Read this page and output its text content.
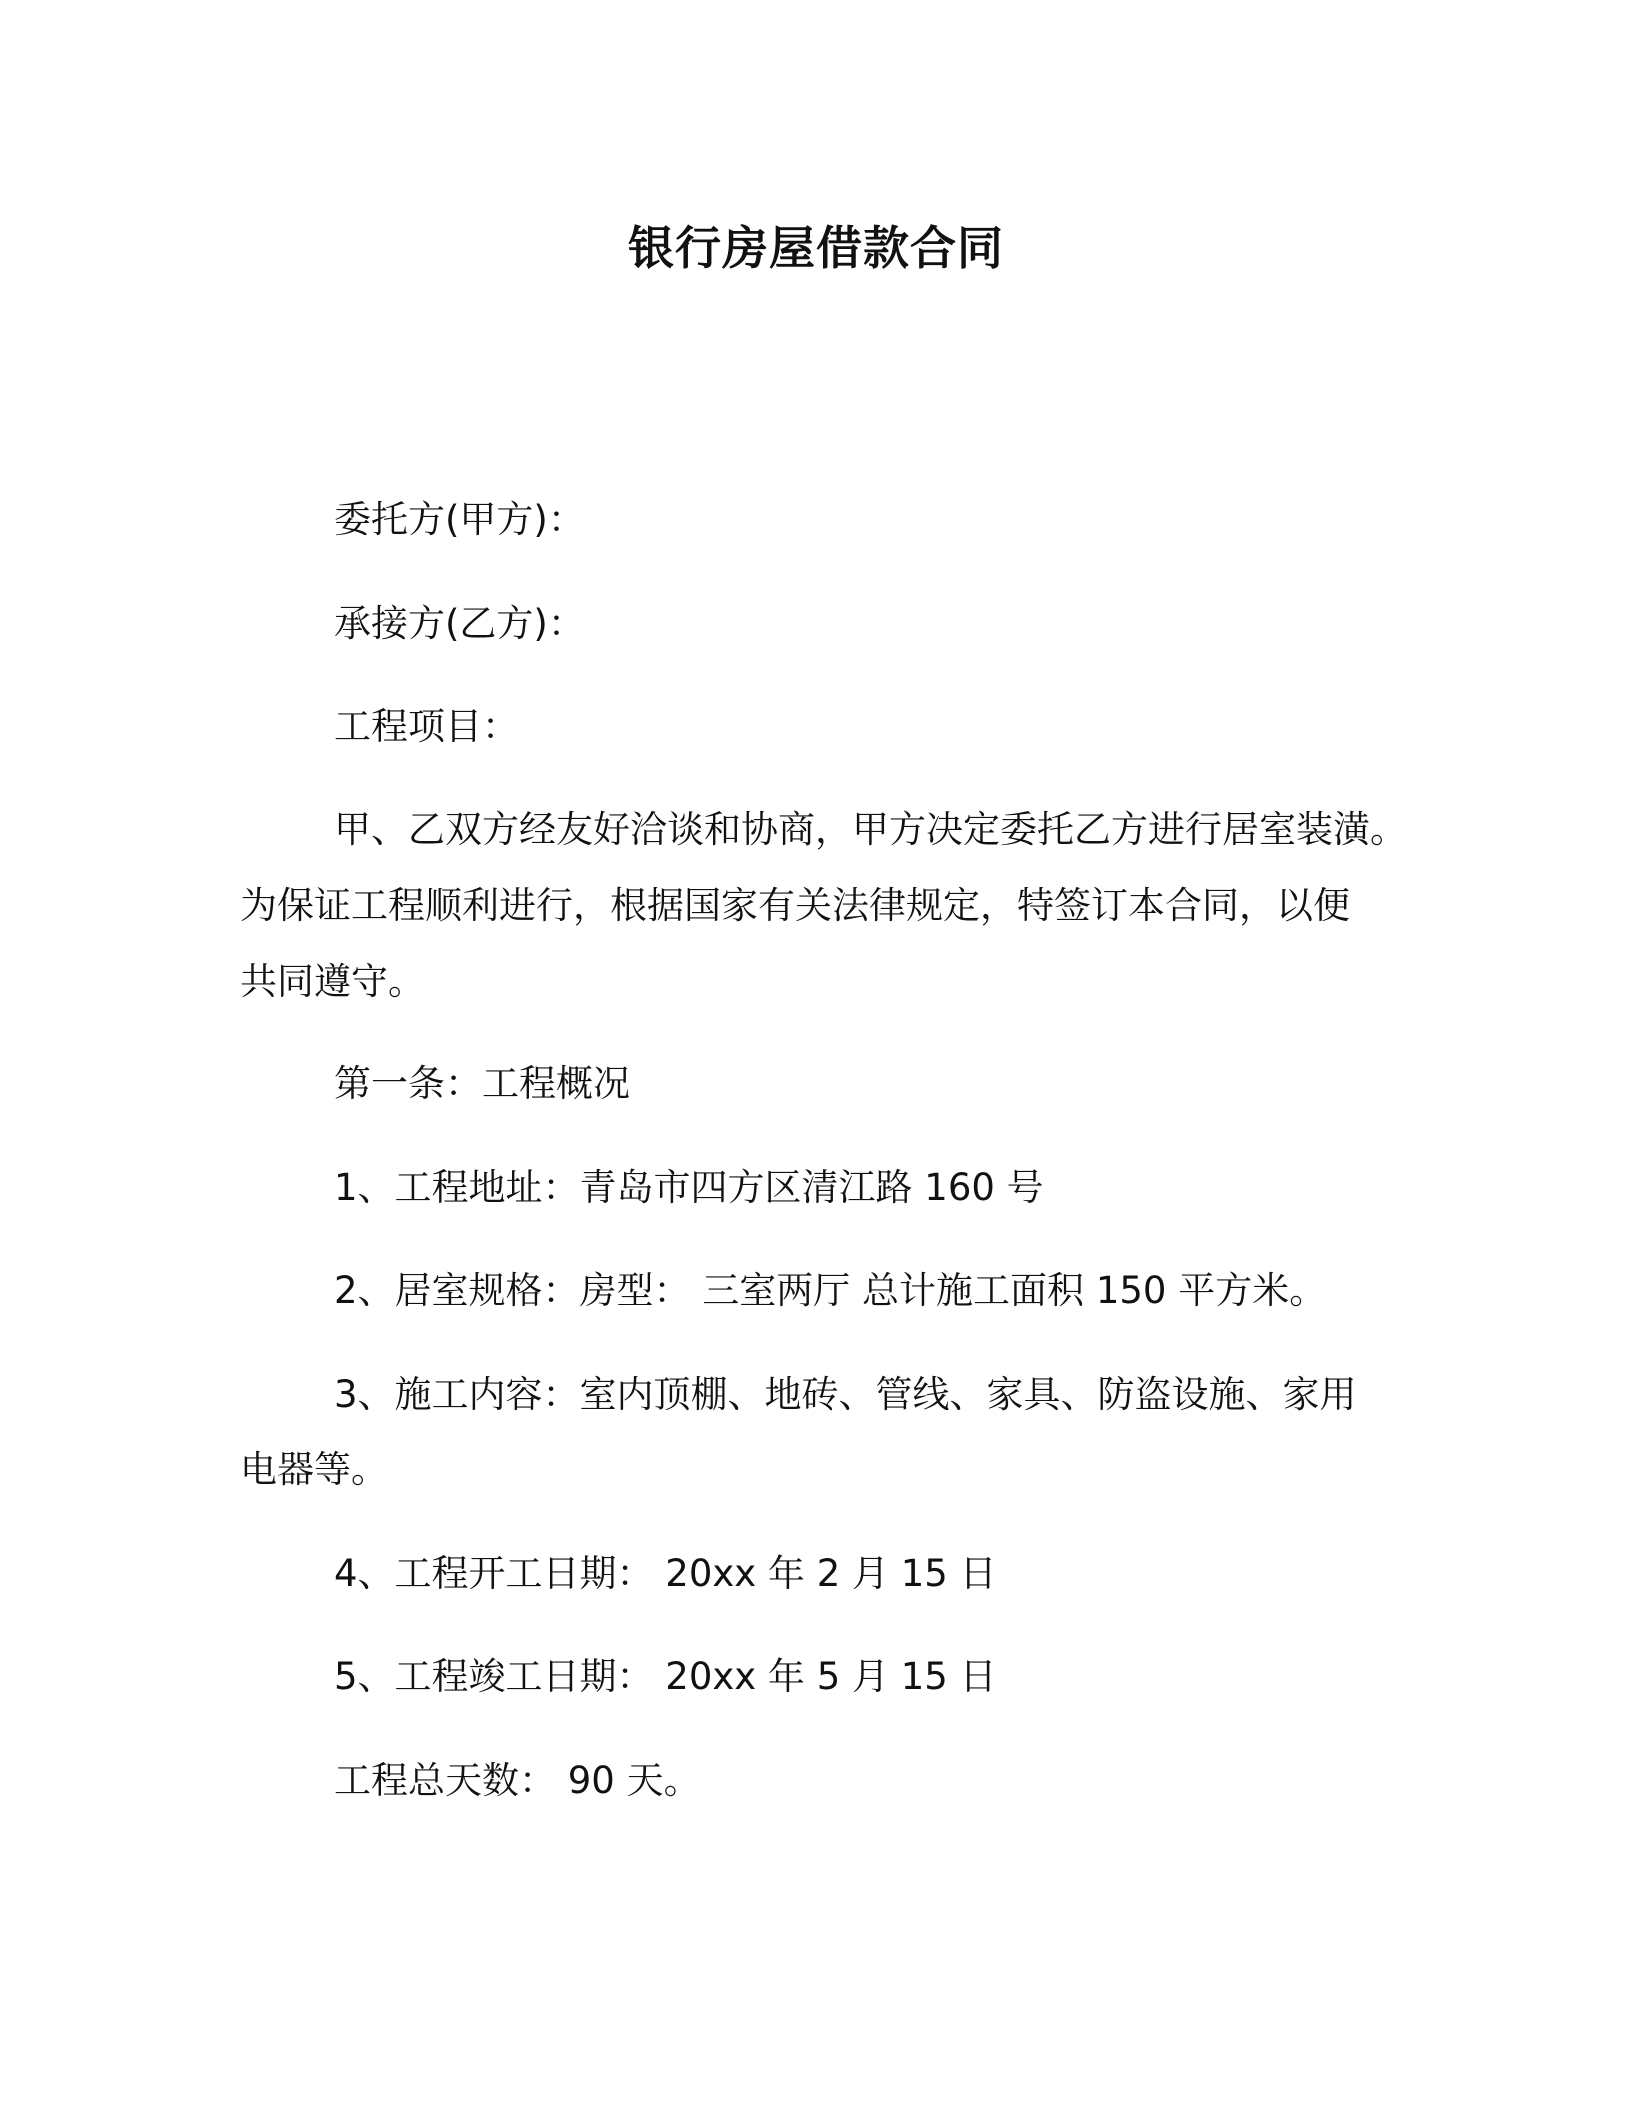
银行房屋借款合同
委托方(甲方)：
承接方(乙方)：
工程项目：
甲、乙双方经友好洽谈和协商，甲方决定委托乙方进行居室装潢。
为保证工程顺利进行，根据国家有关法律规定，特签订本合同，以便
共同遵守。
第一条：工程概况
1、工程地址：青岛市四方区清江路 160 号
2、居室规格：房型： 三室两厅 总计施工面积 150 平方米。
3、施工内容：室内顶棚、地砖、管线、家具、防盗设施、家用
电器等。
4、工程开工日期： 20xx 年 2 月 15 日
5、工程竣工日期： 20xx 年 5 月 15 日
工程总天数： 90 天。
